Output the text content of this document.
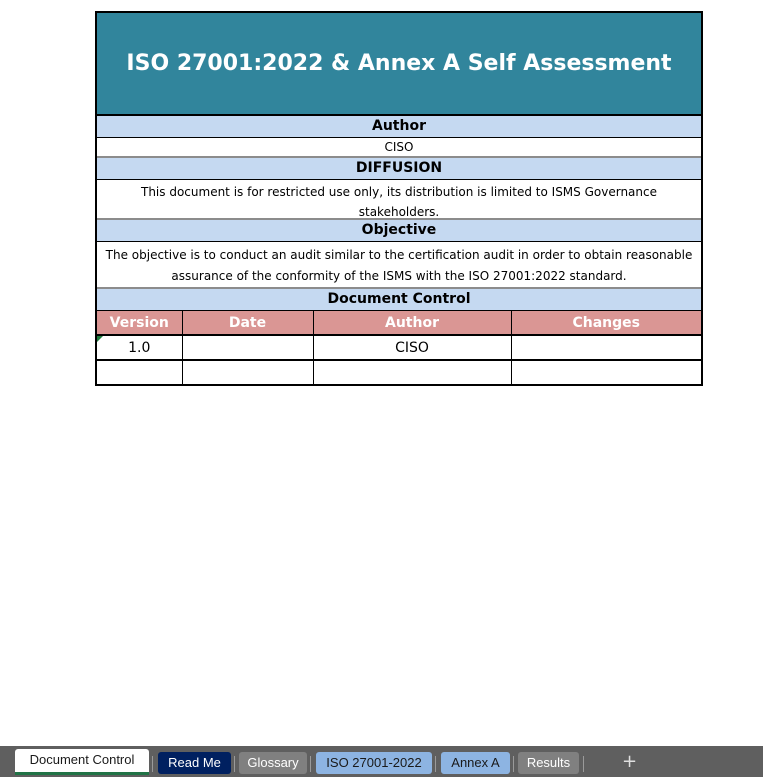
ISO 27001:2022 & Annex A Self Assessment
Author
CISO
DIFFUSION
This document is for restricted use only, its distribution is limited to ISMS Governance stakeholders.
Objective
The objective is to conduct an audit similar to the certification audit in order to obtain reasonable assurance of the conformity of the ISMS with the ISO 27001:2022 standard.
Document Control
Version	Date	Author	Changes

1.0		CISO	

Document Control	Read Me	Glossary	ISO 27001-2022	Annex A	Results	+
